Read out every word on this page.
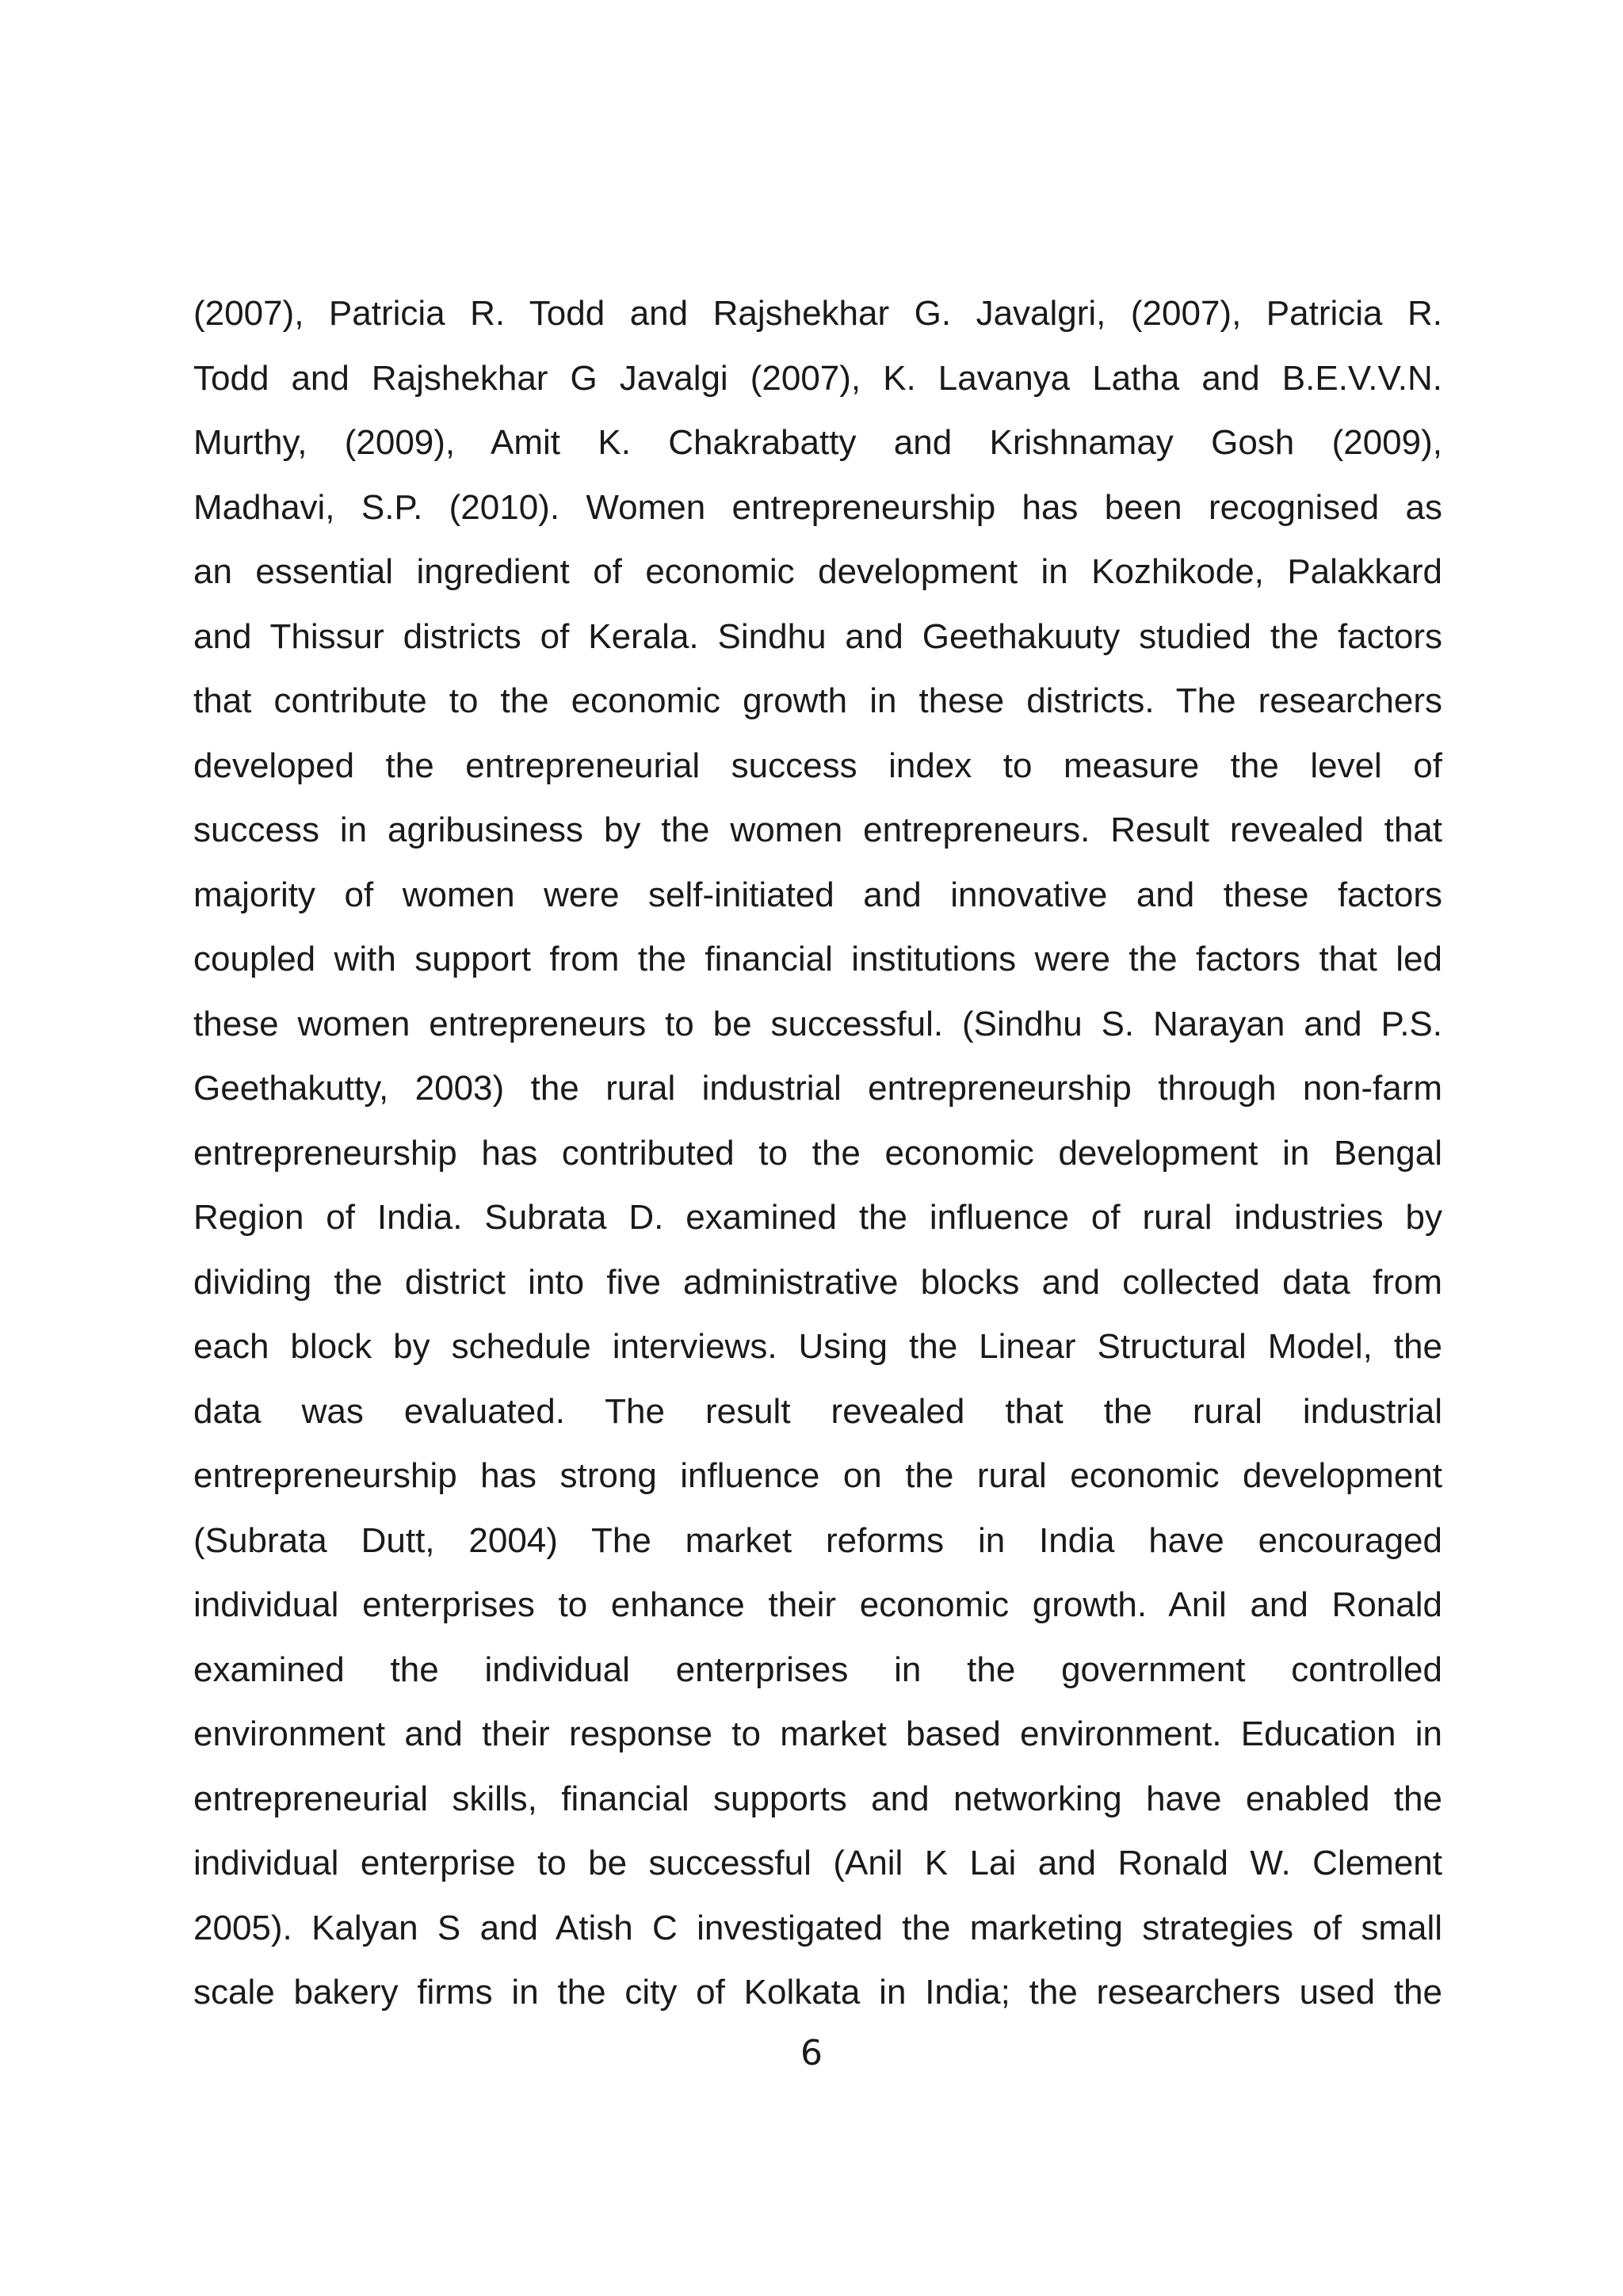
(2007), Patricia R. Todd and Rajshekhar G. Javalgri, (2007), Patricia R.
Todd and Rajshekhar G Javalgi (2007), K. Lavanya Latha and B.E.V.V.N.
Murthy, (2009), Amit K. Chakrabatty and Krishnamay Gosh (2009),
Madhavi, S.P. (2010). Women entrepreneurship has been recognised as
an essential ingredient of economic development in Kozhikode, Palakkard
and Thissur districts of Kerala. Sindhu and Geethakuuty studied the factors
that contribute to the economic growth in these districts. The researchers
developed the entrepreneurial success index to measure the level of
success in agribusiness by the women entrepreneurs. Result revealed that
majority of women were self-initiated and innovative and these factors
coupled with support from the financial institutions were the factors that led
these women entrepreneurs to be successful. (Sindhu S. Narayan and P.S.
Geethakutty, 2003) the rural industrial entrepreneurship through non-farm
entrepreneurship has contributed to the economic development in Bengal
Region of India. Subrata D. examined the influence of rural industries by
dividing the district into five administrative blocks and collected data from
each block by schedule interviews. Using the Linear Structural Model, the
data was evaluated. The result revealed that the rural industrial
entrepreneurship has strong influence on the rural economic development
(Subrata Dutt, 2004) The market reforms in India have encouraged
individual enterprises to enhance their economic growth. Anil and Ronald
examined the individual enterprises in the government controlled
environment and their response to market based environment. Education in
entrepreneurial skills, financial supports and networking have enabled the
individual enterprise to be successful (Anil K Lai and Ronald W. Clement
2005). Kalyan S and Atish C investigated the marketing strategies of small
scale bakery firms in the city of Kolkata in India; the researchers used the
6
